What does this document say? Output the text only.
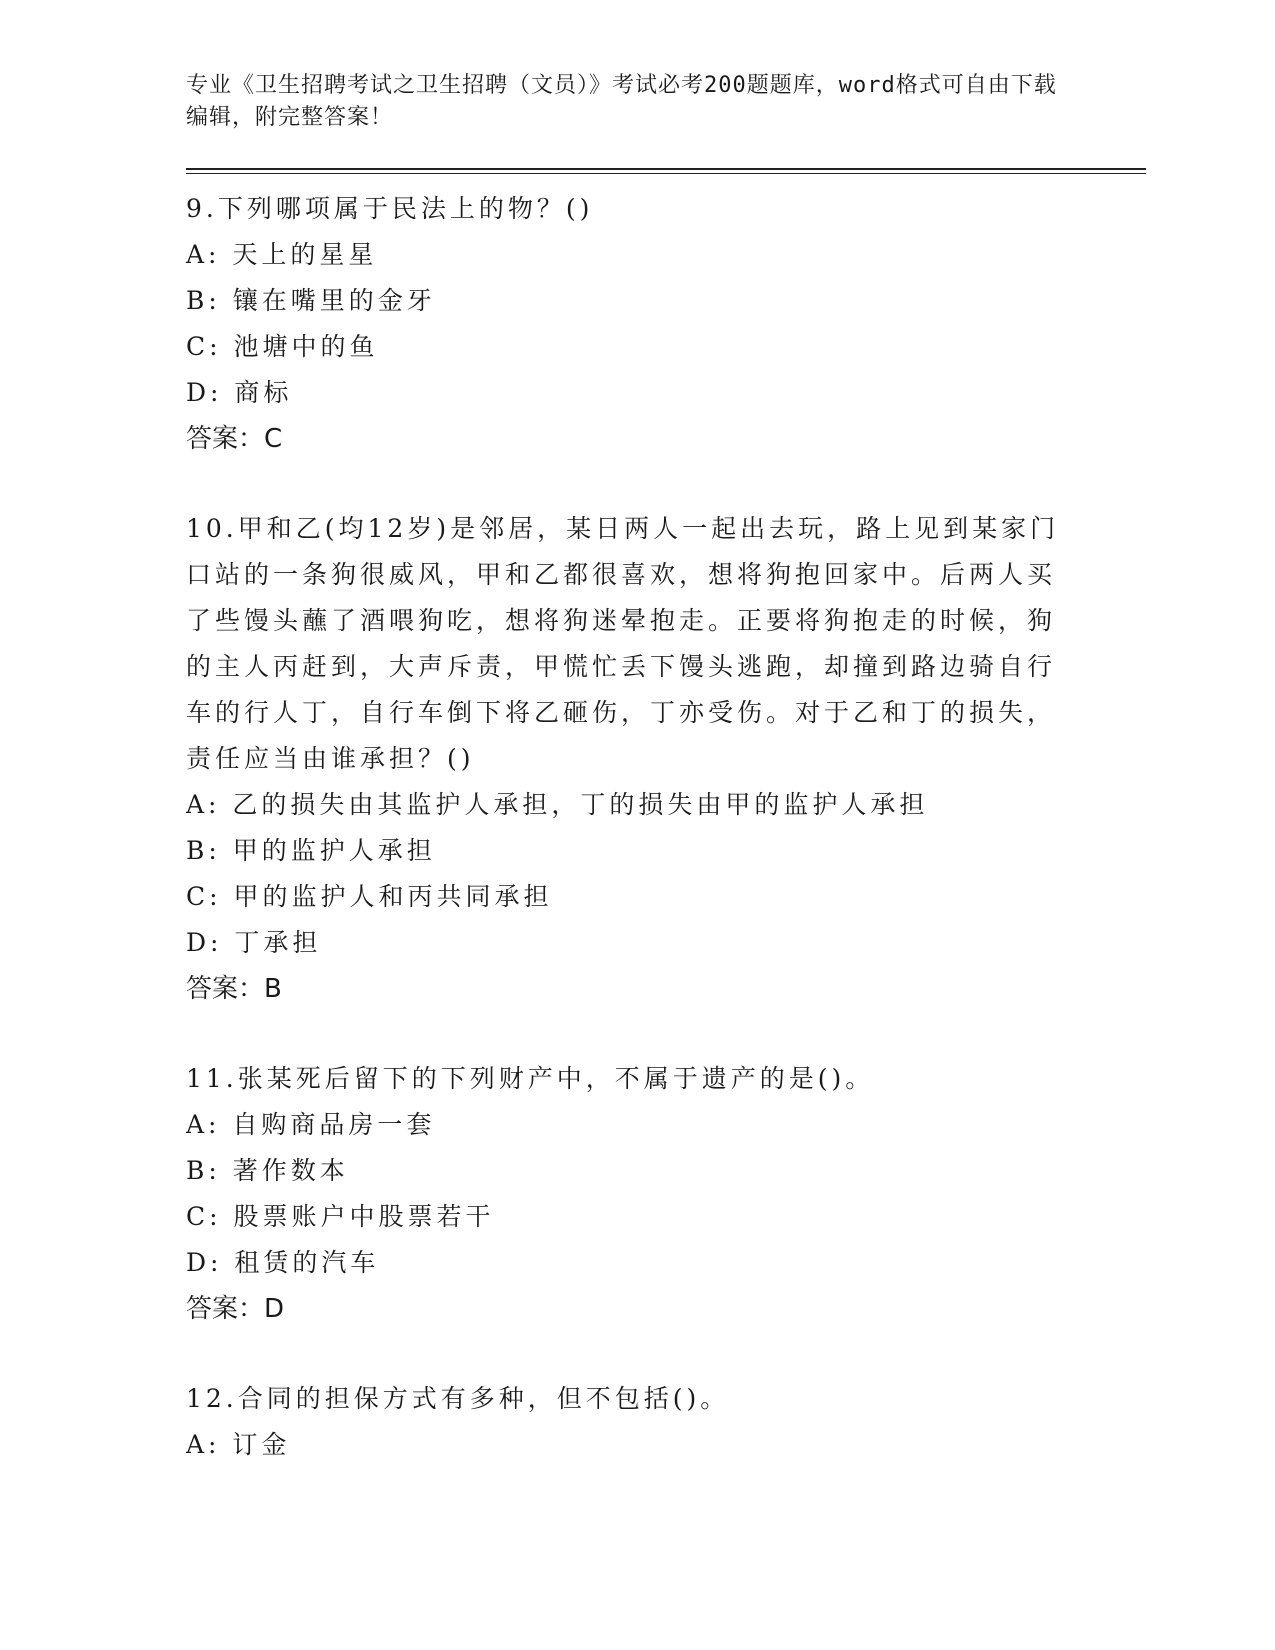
专业《卫生招聘考试之卫生招聘（文员）》考试必考200题题库，word格式可自由下载编辑，附完整答案！

9.下列哪项属于民法上的物？()

A: 天上的星星

B: 镶在嘴里的金牙

C: 池塘中的鱼

D: 商标

答案：C

10.甲和乙(均12岁)是邻居，某日两人一起出去玩，路上见到某家门口站的一条狗很威风，甲和乙都很喜欢，想将狗抱回家中。后两人买了些馒头蘸了酒喂狗吃，想将狗迷晕抱走。正要将狗抱走的时候，狗的主人丙赶到，大声斥责，甲慌忙丢下馒头逃跑，却撞到路边骑自行车的行人丁，自行车倒下将乙砸伤，丁亦受伤。对于乙和丁的损失，责任应当由谁承担？()

A: 乙的损失由其监护人承担，丁的损失由甲的监护人承担

B: 甲的监护人承担

C: 甲的监护人和丙共同承担

D: 丁承担

答案：B

11.张某死后留下的下列财产中，不属于遗产的是()。

A: 自购商品房一套

B: 著作数本

C: 股票账户中股票若干

D: 租赁的汽车

答案：D

12.合同的担保方式有多种，但不包括()。

A: 订金
